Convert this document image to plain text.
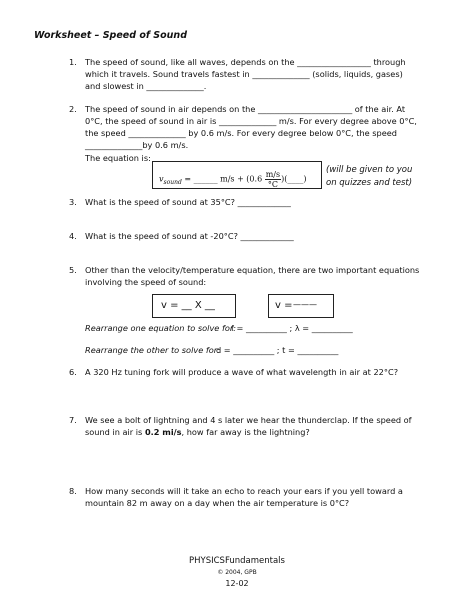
Worksheet – Speed of Sound
1. The speed of sound, like all waves, depends on the __________________ through
which it travels. Sound travels fastest in ______________ (solids, liquids, gases)
and slowest in ______________.
2. The speed of sound in air depends on the _______________________ of the air. At
0°C, the speed of sound in air is ______________ m/s. For every degree above 0°C,
the speed ______________ by 0.6 m/s. For every degree below 0°C, the speed
______________by 0.6 m/s.
The equation is:
$v_{sound}$ = ______ $m/s + (0.6 \frac{m/s}{^\circ C}$ )(____)
(will be given to you
on quizzes and test)
3. What is the speed of sound at 35°C? _____________
4. What is the speed of sound at -20°C? _____________
5. Other than the velocity/temperature equation, there are two important equations
involving the speed of sound:
v = __ X __	v = ———
Rearrange one equation to solve for:
f = __________ ; λ = __________
Rearrange the other to solve for:
d = __________ ; t = __________
6. A 320 Hz tuning fork will produce a wave of what wavelength in air at 22°C?
7. We see a bolt of lightning and 4 s later we hear the thunderclap. If the speed of
sound in air is 0.2 mi/s, how far away is the lightning?
8. How many seconds will it take an echo to reach your ears if you yell toward a
mountain 82 m away on a day when the air temperature is 0°C?
PHYSICSFundamentals
© 2004, GPB
12-02
